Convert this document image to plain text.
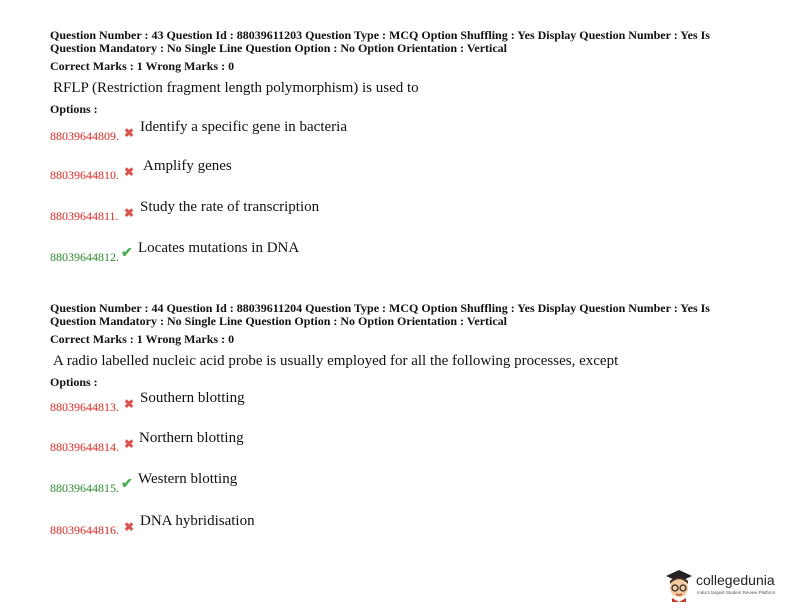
Question Number : 43 Question Id : 88039611203 Question Type : MCQ Option Shuffling : Yes Display Question Number : Yes Is
Question Mandatory : No Single Line Question Option : No Option Orientation : Vertical

Correct Marks : 1 Wrong Marks : 0
RFLP (Restriction fragment length polymorphism) is used to
Options :
88039644809. ✖ Identify a specific gene in bacteria
88039644810. ✖ Amplify genes
88039644811. ✖ Study the rate of transcription
88039644812. ✔ Locates mutations in DNA

Question Number : 44 Question Id : 88039611204 Question Type : MCQ Option Shuffling : Yes Display Question Number : Yes Is
Question Mandatory : No Single Line Question Option : No Option Orientation : Vertical

Correct Marks : 1 Wrong Marks : 0
A radio labelled nucleic acid probe is usually employed for all the following processes, except
Options :
88039644813. ✖ Southern blotting
88039644814. ✖ Northern blotting
88039644815. ✔ Western blotting
88039644816. ✖ DNA hybridisation
collegedunia
India's largest Student Review Platform
